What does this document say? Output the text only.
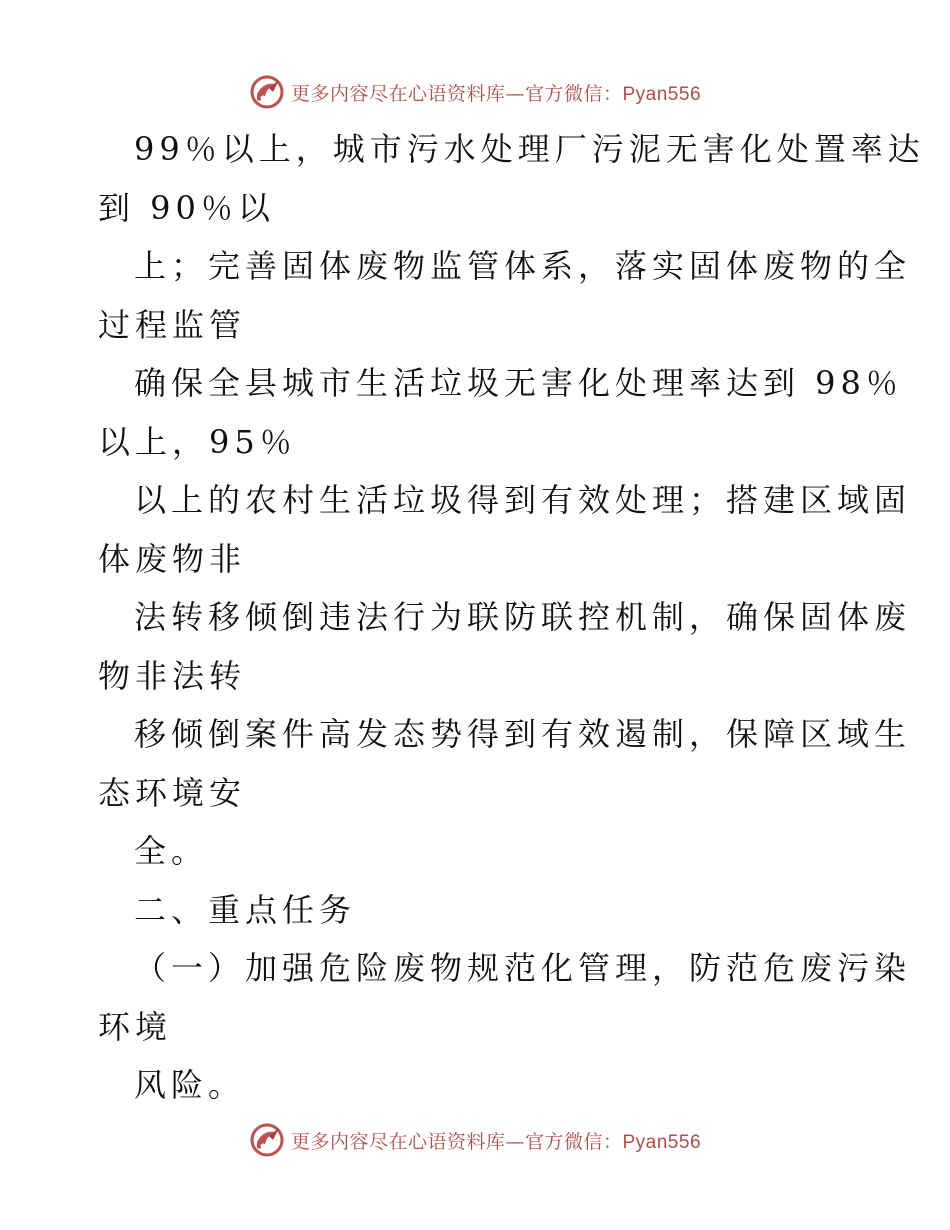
更多内容尽在心语资料库—官方微信：Pyan556
99％以上，城市污水处理厂污泥无害化处置率达
到 90％以
上；完善固体废物监管体系，落实固体废物的全
过程监管
确保全县城市生活垃圾无害化处理率达到 98％
以上，95％
以上的农村生活垃圾得到有效处理；搭建区域固
体废物非
法转移倾倒违法行为联防联控机制，确保固体废
物非法转
移倾倒案件高发态势得到有效遏制，保障区域生
态环境安
全。
二、重点任务
（一）加强危险废物规范化管理，防范危废污染
环境
风险。
更多内容尽在心语资料库—官方微信：Pyan556
